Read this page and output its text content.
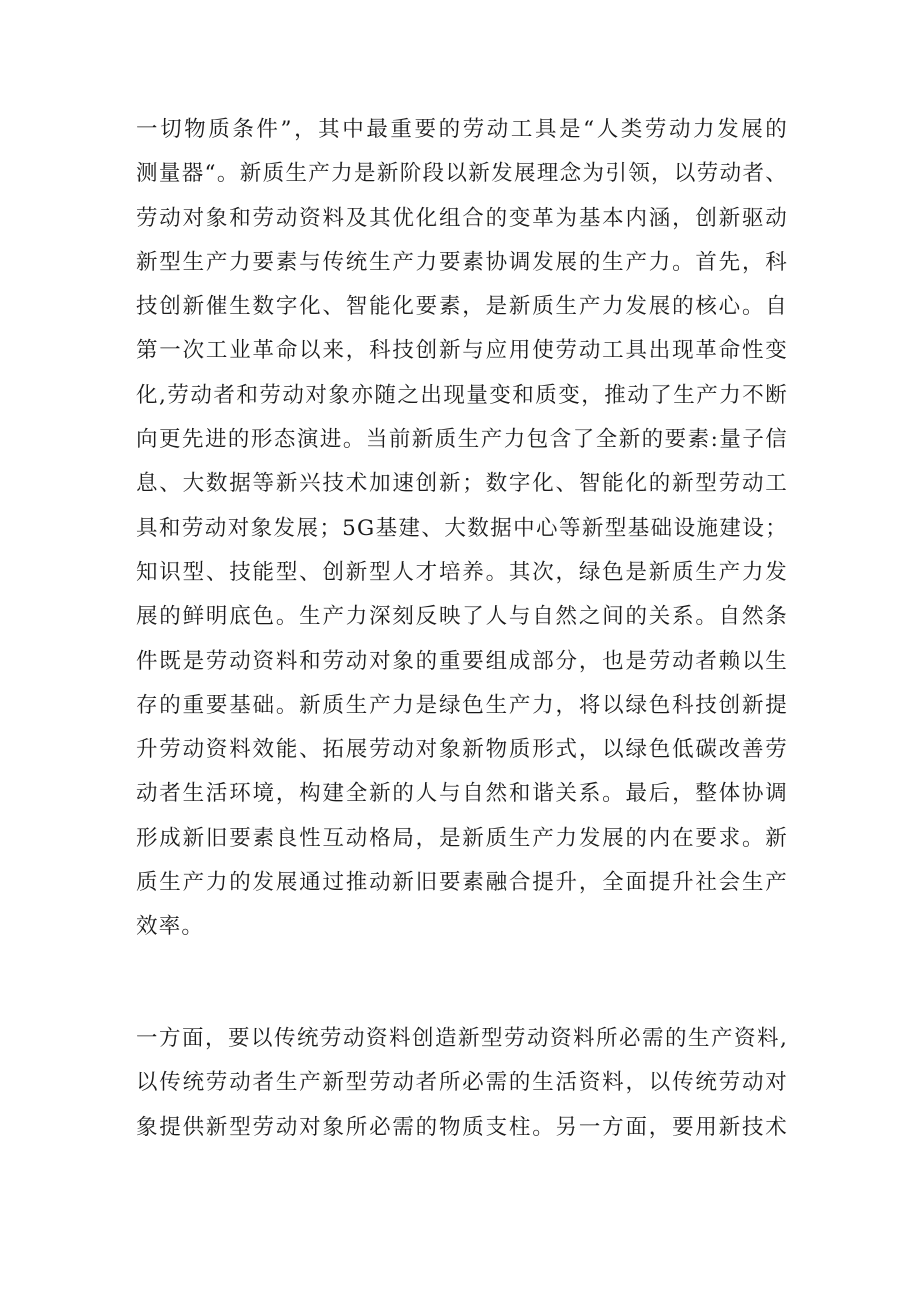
一切物质条件”，其中最重要的劳动工具是“人类劳动力发展的
测量器“。新质生产力是新阶段以新发展理念为引领，以劳动者、
劳动对象和劳动资料及其优化组合的变革为基本内涵，创新驱动
新型生产力要素与传统生产力要素协调发展的生产力。首先，科
技创新催生数字化、智能化要素，是新质生产力发展的核心。自
第一次工业革命以来，科技创新与应用使劳动工具出现革命性变
化,劳动者和劳动对象亦随之出现量变和质变，推动了生产力不断
向更先进的形态演进。当前新质生产力包含了全新的要素:量子信
息、大数据等新兴技术加速创新；数字化、智能化的新型劳动工
具和劳动对象发展；5G基建、大数据中心等新型基础设施建设；
知识型、技能型、创新型人才培养。其次，绿色是新质生产力发
展的鲜明底色。生产力深刻反映了人与自然之间的关系。自然条
件既是劳动资料和劳动对象的重要组成部分，也是劳动者赖以生
存的重要基础。新质生产力是绿色生产力，将以绿色科技创新提
升劳动资料效能、拓展劳动对象新物质形式，以绿色低碳改善劳
动者生活环境，构建全新的人与自然和谐关系。最后，整体协调
形成新旧要素良性互动格局，是新质生产力发展的内在要求。新
质生产力的发展通过推动新旧要素融合提升，全面提升社会生产
效率。
一方面，要以传统劳动资料创造新型劳动资料所必需的生产资料,
以传统劳动者生产新型劳动者所必需的生活资料，以传统劳动对
象提供新型劳动对象所必需的物质支柱。另一方面，要用新技术
